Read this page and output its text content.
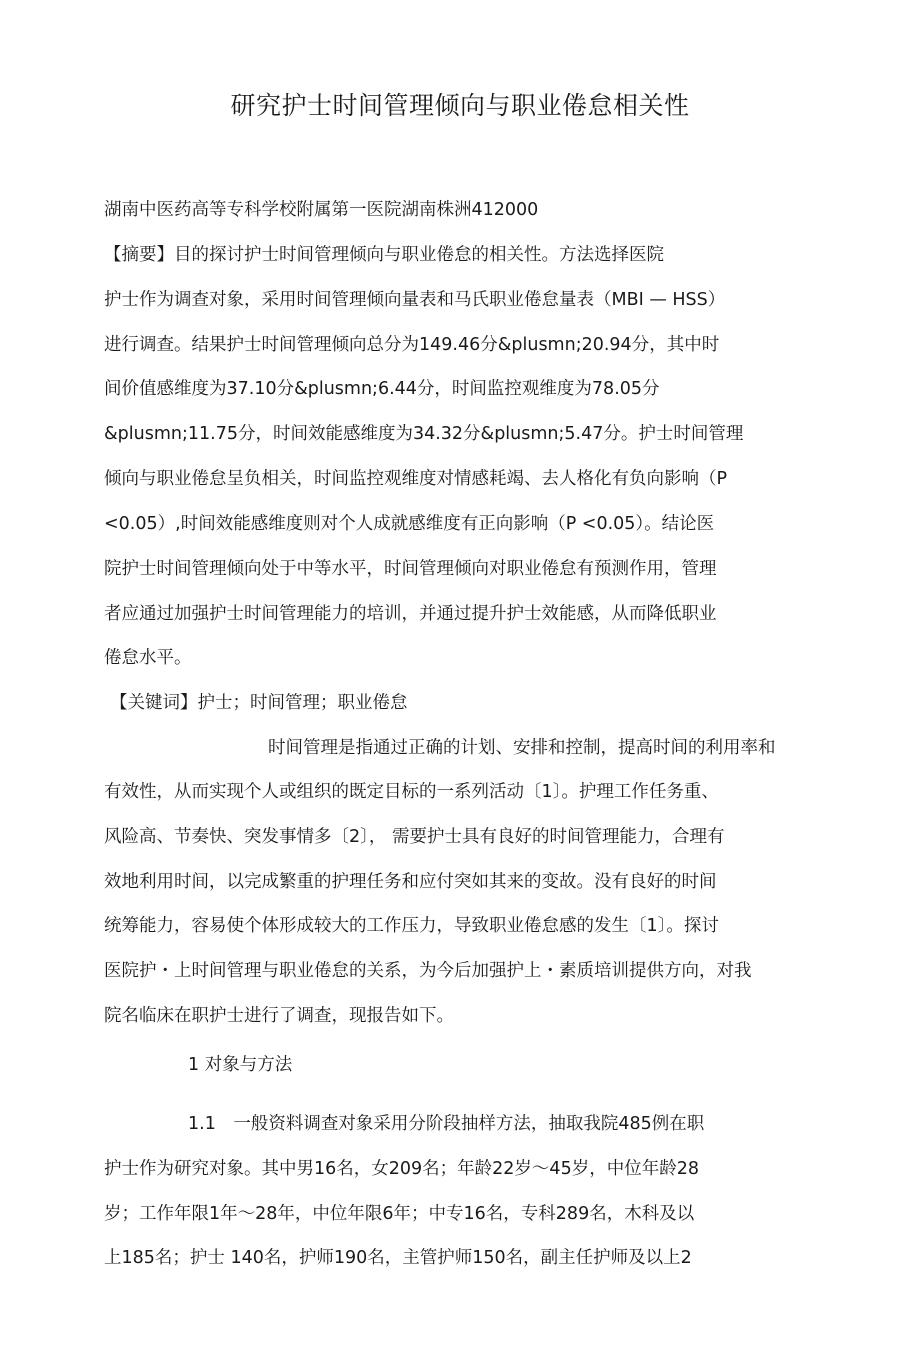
研究护士时间管理倾向与职业倦怠相关性
湖南中医药高等专科学校附属第一医院湖南株洲412000
【摘要】目的探讨护士时间管理倾向与职业倦怠的相关性。方法选择医院
护士作为调查对象，采用时间管理倾向量表和马氏职业倦怠量表（MBI — HSS）
进行调查。结果护士时间管理倾向总分为149.46分&plusmn;20.94分，其中时
间价值感维度为37.10分&plusmn;6.44分，时间监控观维度为78.05分
&plusmn;11.75分，时间效能感维度为34.32分&plusmn;5.47分。护士时间管理
倾向与职业倦怠呈负相关，时间监控观维度对情感耗竭、去人格化有负向影响（P
<0.05）,时间效能感维度则对个人成就感维度有正向影响（P <0.05）。结论医
院护士时间管理倾向处于中等水平，时间管理倾向对职业倦怠有预测作用，管理
者应通过加强护士时间管理能力的培训，并通过提升护士效能感，从而降低职业
倦怠水平。
【关键词】护士；时间管理；职业倦怠
时间管理是指通过正确的计划、安排和控制，提高时间的利用率和
有效性，从而实现个人或组织的既定目标的一系列活动〔1〕。护理工作任务重、
风险高、节奏快、突发事情多〔2〕， 需要护士具有良好的时间管理能力，合理有
效地利用时间，以完成繁重的护理任务和应付突如其来的变故。没有良好的时间
统筹能力，容易使个体形成较大的工作压力，导致职业倦怠感的发生〔1〕。探讨
医院护・上时间管理与职业倦怠的关系，为今后加强护上・素质培训提供方向，对我
院名临床在职护士进行了调查，现报告如下。
1 对象与方法
1.1　一般资料调查对象采用分阶段抽样方法，抽取我院485例在职
护士作为研究对象。其中男16名，女209名；年龄22岁～45岁，中位年龄28
岁；工作年限1年～28年，中位年限6年；中专16名，专科289名，木科及以
上185名；护士 140名，护师190名，主管护师150名，副主任护师及以上2
